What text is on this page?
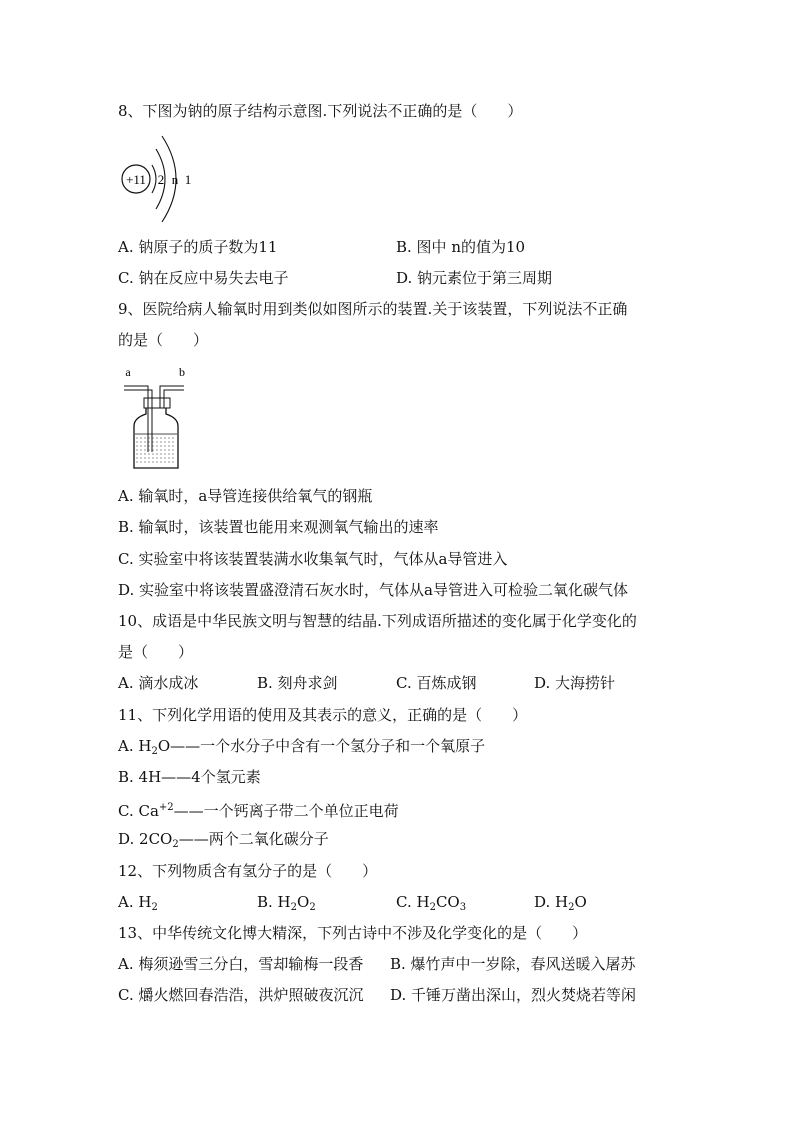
8、下图为钠的原子结构示意图.下列说法不正确的是（　　）
+11 2 n 1
A. 钠原子的质子数为11	B. 图中 n的值为10
C. 钠在反应中易失去电子	D. 钠元素位于第三周期
9、医院给病人输氧时用到类似如图所示的装置.关于该装置，下列说法不正确
的是（　　）
a	b
A. 输氧时，a导管连接供给氧气的钢瓶
B. 输氧时，该装置也能用来观测氧气输出的速率
C. 实验室中将该装置装满水收集氧气时，气体从a导管进入
D. 实验室中将该装置盛澄清石灰水时，气体从a导管进入可检验二氧化碳气体
10、成语是中华民族文明与智慧的结晶.下列成语所描述的变化属于化学变化的
是（　　）
A. 滴水成冰	B. 刻舟求剑	C. 百炼成钢	D. 大海捞针
11、下列化学用语的使用及其表示的意义，正确的是（　　）
A. $H_2O——$一个水分子中含有一个氢分子和一个氧原子
B. 4H——4个氢元素
C. $Ca^{+2}——$一个钙离子带二个单位正电荷
D. $2CO_2——$两个二氧化碳分子
12、下列物质含有氢分子的是（　　）
A. $H_2$	B. $H_2O_2$	C. $H_2CO_3$	D. $H_2O$
13、中华传统文化博大精深，下列古诗中不涉及化学变化的是（　　）
A. 梅须逊雪三分白，雪却输梅一段香 B. 爆竹声中一岁除，春风送暖入屠苏
C. 爝火燃回春浩浩，洪炉照破夜沉沉 D. 千锤万凿出深山，烈火焚烧若等闲
